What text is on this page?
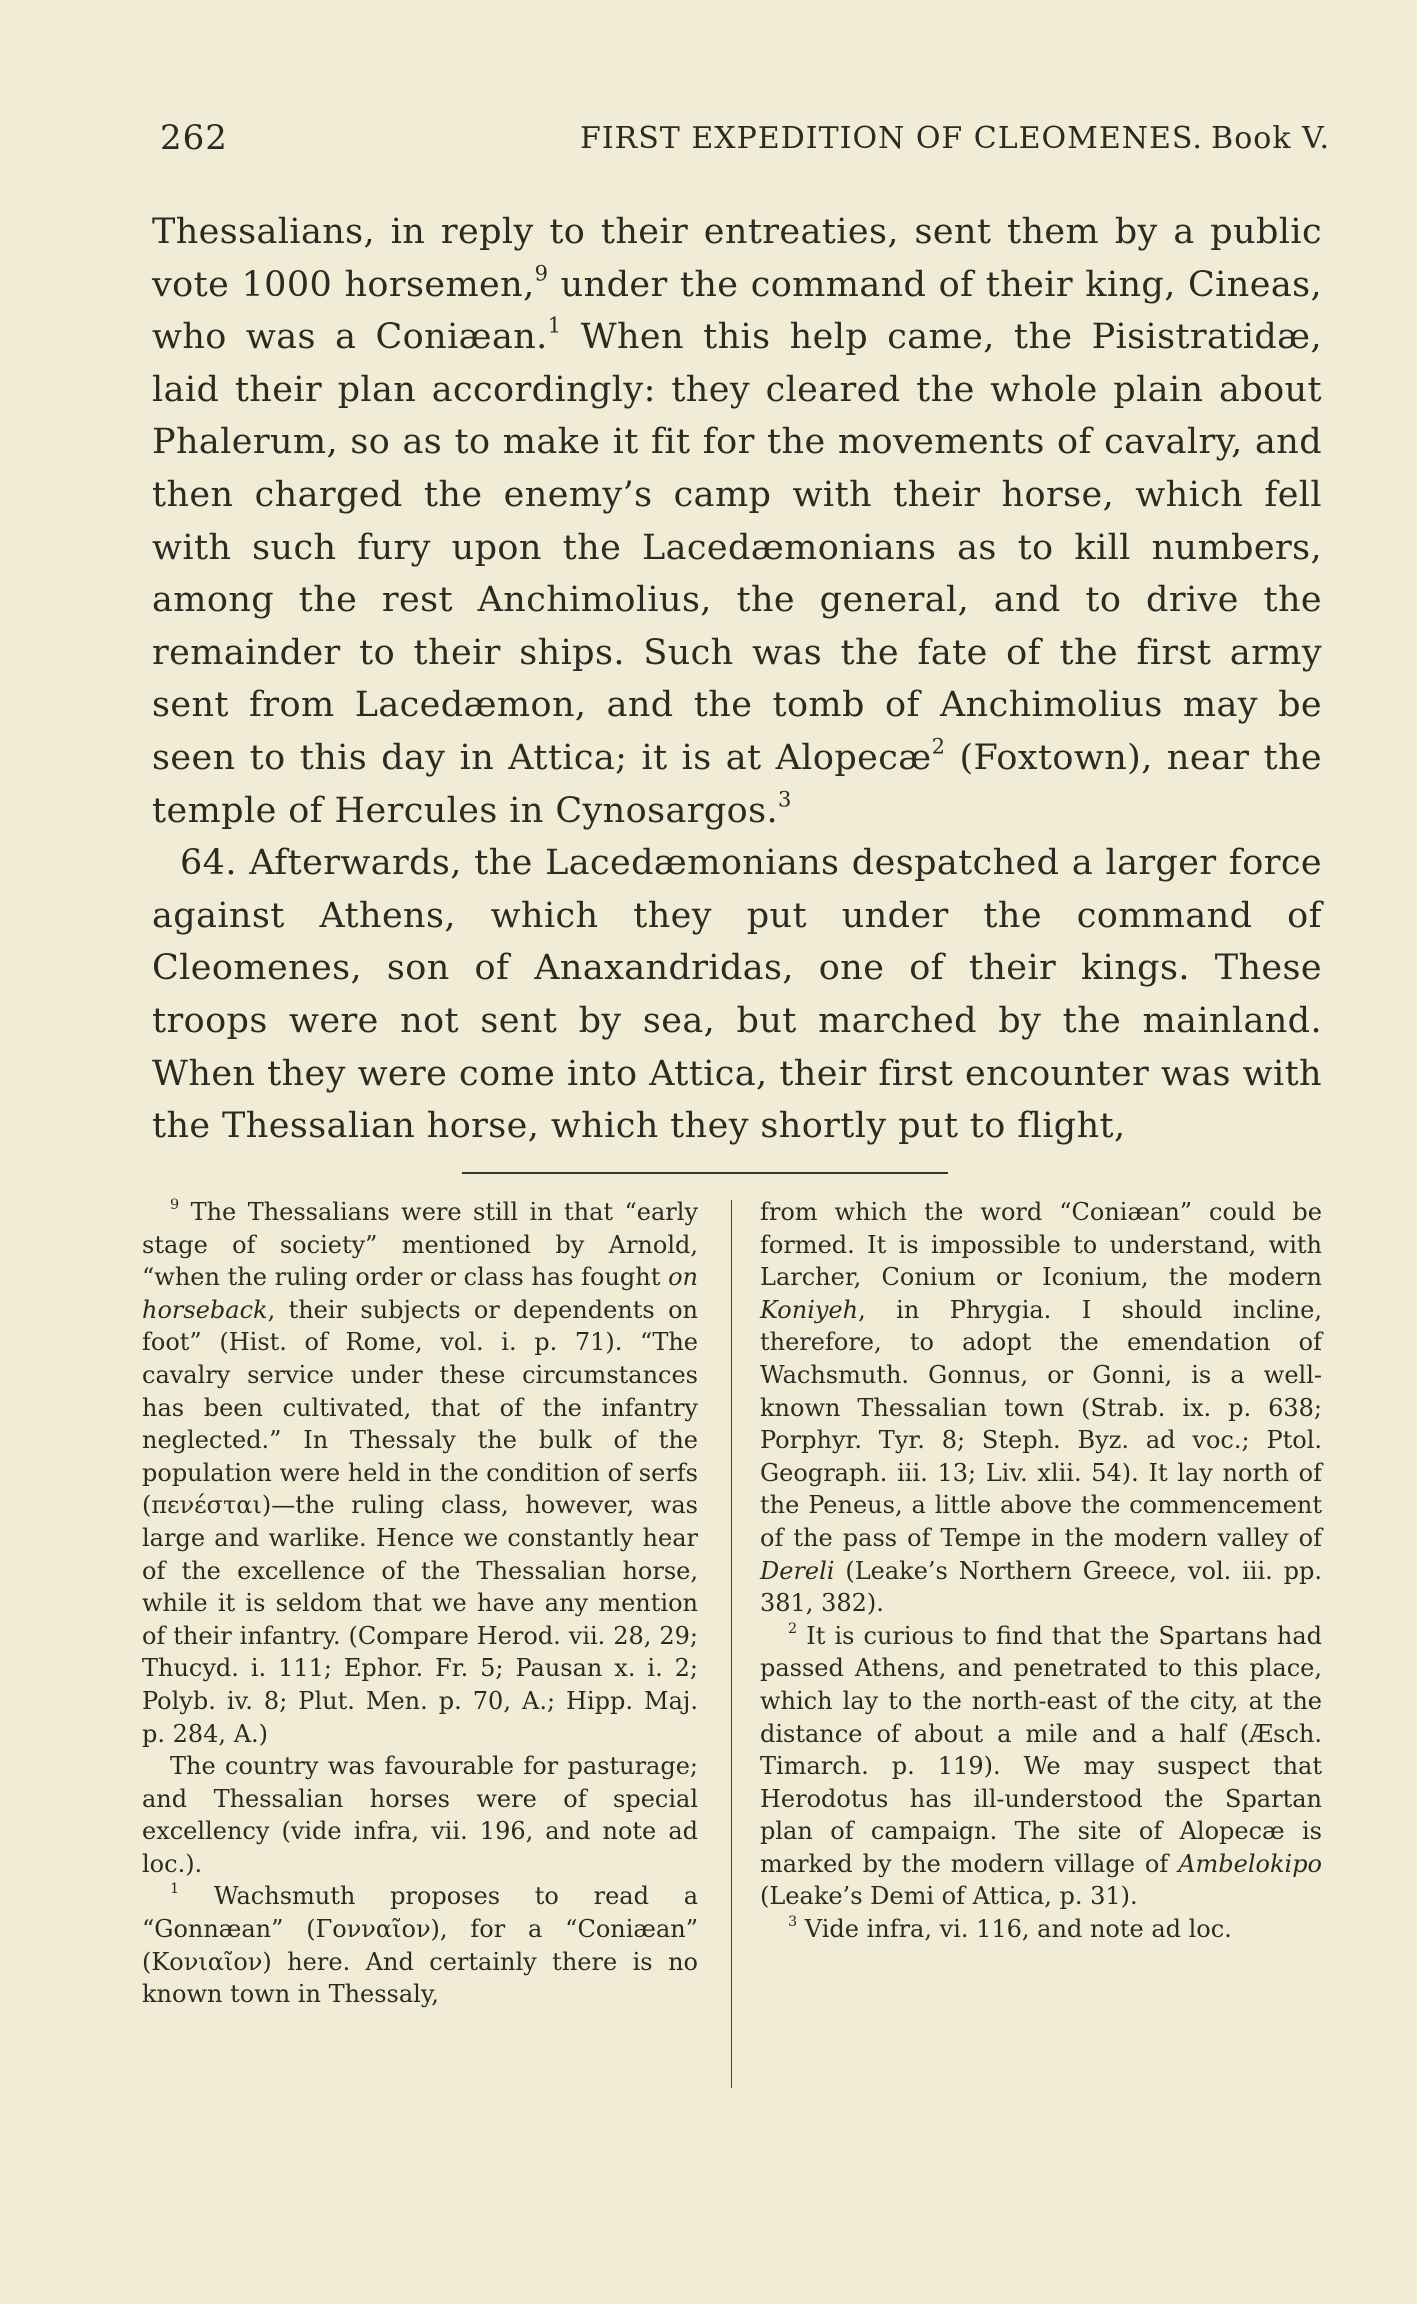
262	FIRST EXPEDITION OF CLEOMENES. Book V.

Thessalians, in reply to their entreaties, sent them by a public vote 1000 horsemen,$^9$ under the command of their king, Cineas, who was a Coniæan.$^1$ When this help came, the Pisistratidæ, laid their plan accordingly: they cleared the whole plain about Phalerum, so as to make it fit for the movements of cavalry, and then charged the enemy’s camp with their horse, which fell with such fury upon the Lacedæmonians as to kill numbers, among the rest Anchimolius, the general, and to drive the remainder to their ships. Such was the fate of the first army sent from Lacedæmon, and the tomb of Anchimolius may be seen to this day in Attica; it is at Alopecæ$^2$ (Foxtown), near the temple of Hercules in Cynosargos.$^3$

64. Afterwards, the Lacedæmonians despatched a larger force against Athens, which they put under the command of Cleomenes, son of Anaxandridas, one of their kings. These troops were not sent by sea, but marched by the mainland. When they were come into Attica, their first encounter was with the Thessalian horse, which they shortly put to flight,

$^9$ The Thessalians were still in that “early stage of society” mentioned by Arnold, “when the ruling order or class has fought on horseback, their subjects or dependents on foot” (Hist. of Rome, vol. i. p. 71). “The cavalry service under these circumstances has been cultivated, that of the infantry neglected.” In Thessaly the bulk of the population were held in the condition of serfs (πενέσται)—the ruling class, however, was large and warlike. Hence we constantly hear of the excellence of the Thessalian horse, while it is seldom that we have any mention of their infantry. (Compare Herod. vii. 28, 29; Thucyd. i. 111; Ephor. Fr. 5; Pausan x. i. 2; Polyb. iv. 8; Plut. Men. p. 70, A.; Hipp. Maj. p. 284, A.)

The country was favourable for pasturage; and Thessalian horses were of special excellency (vide infra, vii. 196, and note ad loc.).

$^1$ Wachsmuth proposes to read a “Gonnæan” (Γονναῖον), for a “Coniæan” (Κονιαῖον) here. And certainly there is no known town in Thessaly,

from which the word “Coniæan” could be formed. It is impossible to understand, with Larcher, Conium or Iconium, the modern Koniyeh, in Phrygia. I should incline, therefore, to adopt the emendation of Wachsmuth. Gonnus, or Gonni, is a well-known Thessalian town (Strab. ix. p. 638; Porphyr. Tyr. 8; Steph. Byz. ad voc.; Ptol. Geograph. iii. 13; Liv. xlii. 54). It lay north of the Peneus, a little above the commencement of the pass of Tempe in the modern valley of Dereli (Leake’s Northern Greece, vol. iii. pp. 381, 382).

$^2$ It is curious to find that the Spartans had passed Athens, and penetrated to this place, which lay to the north-east of the city, at the distance of about a mile and a half (Æsch. Timarch. p. 119). We may suspect that Herodotus has ill-understood the Spartan plan of campaign. The site of Alopecæ is marked by the modern village of Ambelokipo (Leake’s Demi of Attica, p. 31).

$^3$ Vide infra, vi. 116, and note ad loc.
